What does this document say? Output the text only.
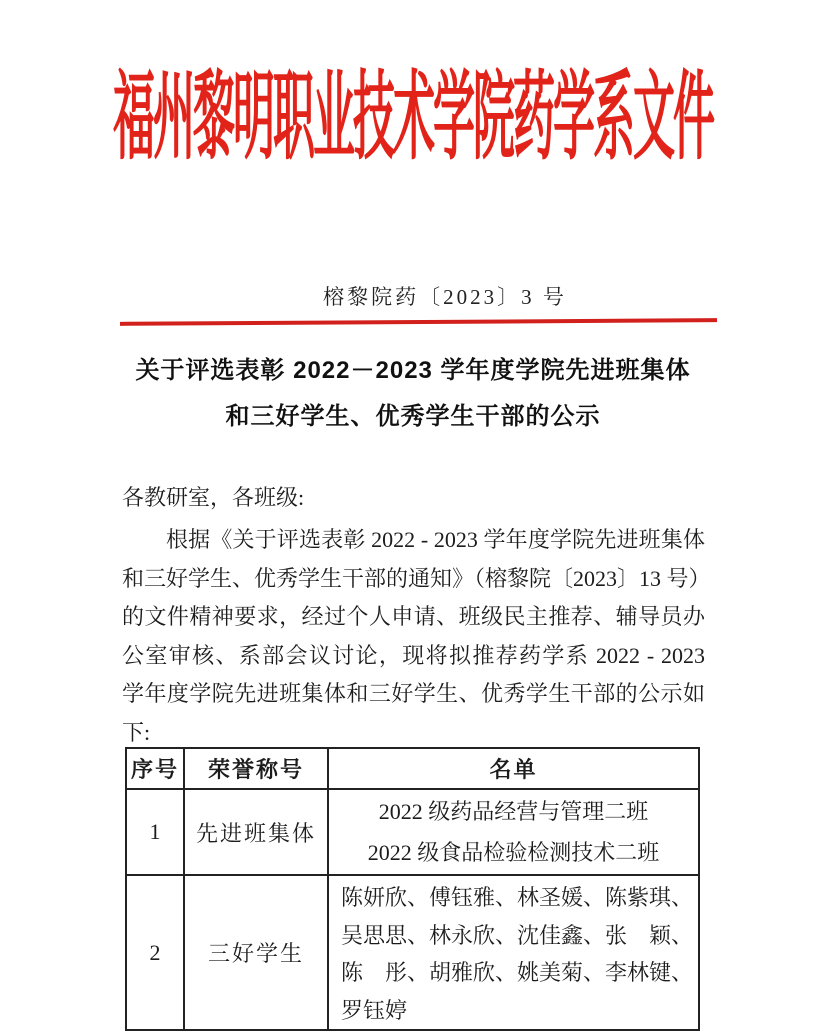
福州黎明职业技术学院药学系文件
榕黎院药〔2023〕3 号
关于评选表彰 2022－2023 学年度学院先进班集体
和三好学生、优秀学生干部的公示
各教研室，各班级:
根据《关于评选表彰 2022 - 2023 学年度学院先进班集体
和三好学生、优秀学生干部的通知》（榕黎院〔2023〕13 号）
的文件精神要求，经过个人申请、班级民主推荐、辅导员办
公室审核、系部会议讨论，现将拟推荐药学系 2022 - 2023
学年度学院先进班集体和三好学生、优秀学生干部的公示如
下:
序号	荣誉称号	名单
1	先进班集体	2022 级药品经营与管理二班
2022 级食品检验检测技术二班

2	三好学生	陈妍欣、傅钰雅、林圣媛、陈紫琪、
吴思思、林永欣、沈佳鑫、张　颖、
陈　彤、胡雅欣、姚美菊、李林键、
罗钰婷
